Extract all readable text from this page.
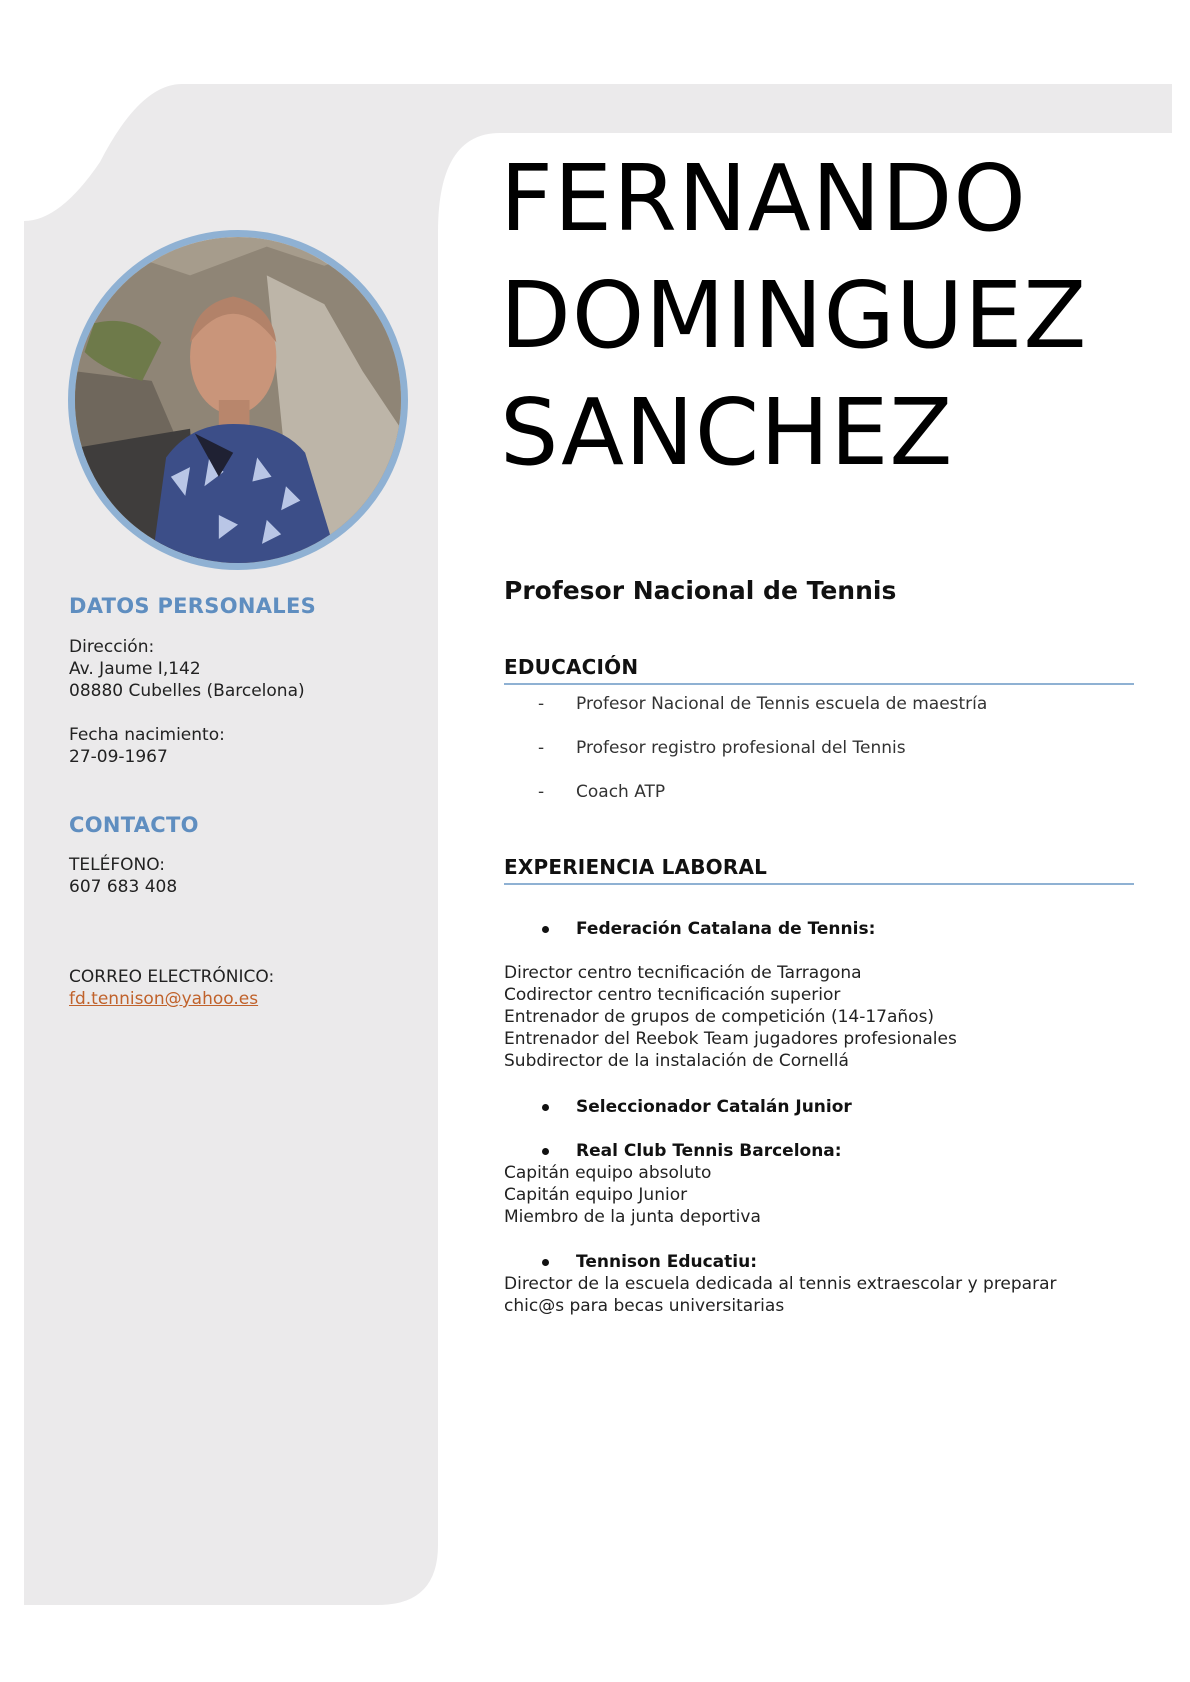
DATOS PERSONALES
Dirección:
Av. Jaume I,142
08880 Cubelles (Barcelona)
Fecha nacimiento:
27-09-1967
CONTACTO
TELÉFONO:
607 683 408
CORREO ELECTRÓNICO:
fd.tennison@yahoo.es
FERNANDO
DOMINGUEZ
SANCHEZ
Profesor Nacional de Tennis
EDUCACIÓN
- Profesor Nacional de Tennis escuela de maestría
- Profesor registro profesional del Tennis
- Coach ATP
EXPERIENCIA LABORAL
Federación Catalana de Tennis:
Director centro tecnificación de Tarragona
Codirector centro tecnificación superior
Entrenador de grupos de competición (14-17años)
Entrenador del Reebok Team jugadores profesionales
Subdirector de la instalación de Cornellá
Seleccionador Catalán Junior
Real Club Tennis Barcelona:
Capitán equipo absoluto
Capitán equipo Junior
Miembro de la junta deportiva
Tennison Educatiu:
Director de la escuela dedicada al tennis extraescolar y preparar
chic@s para becas universitarias
